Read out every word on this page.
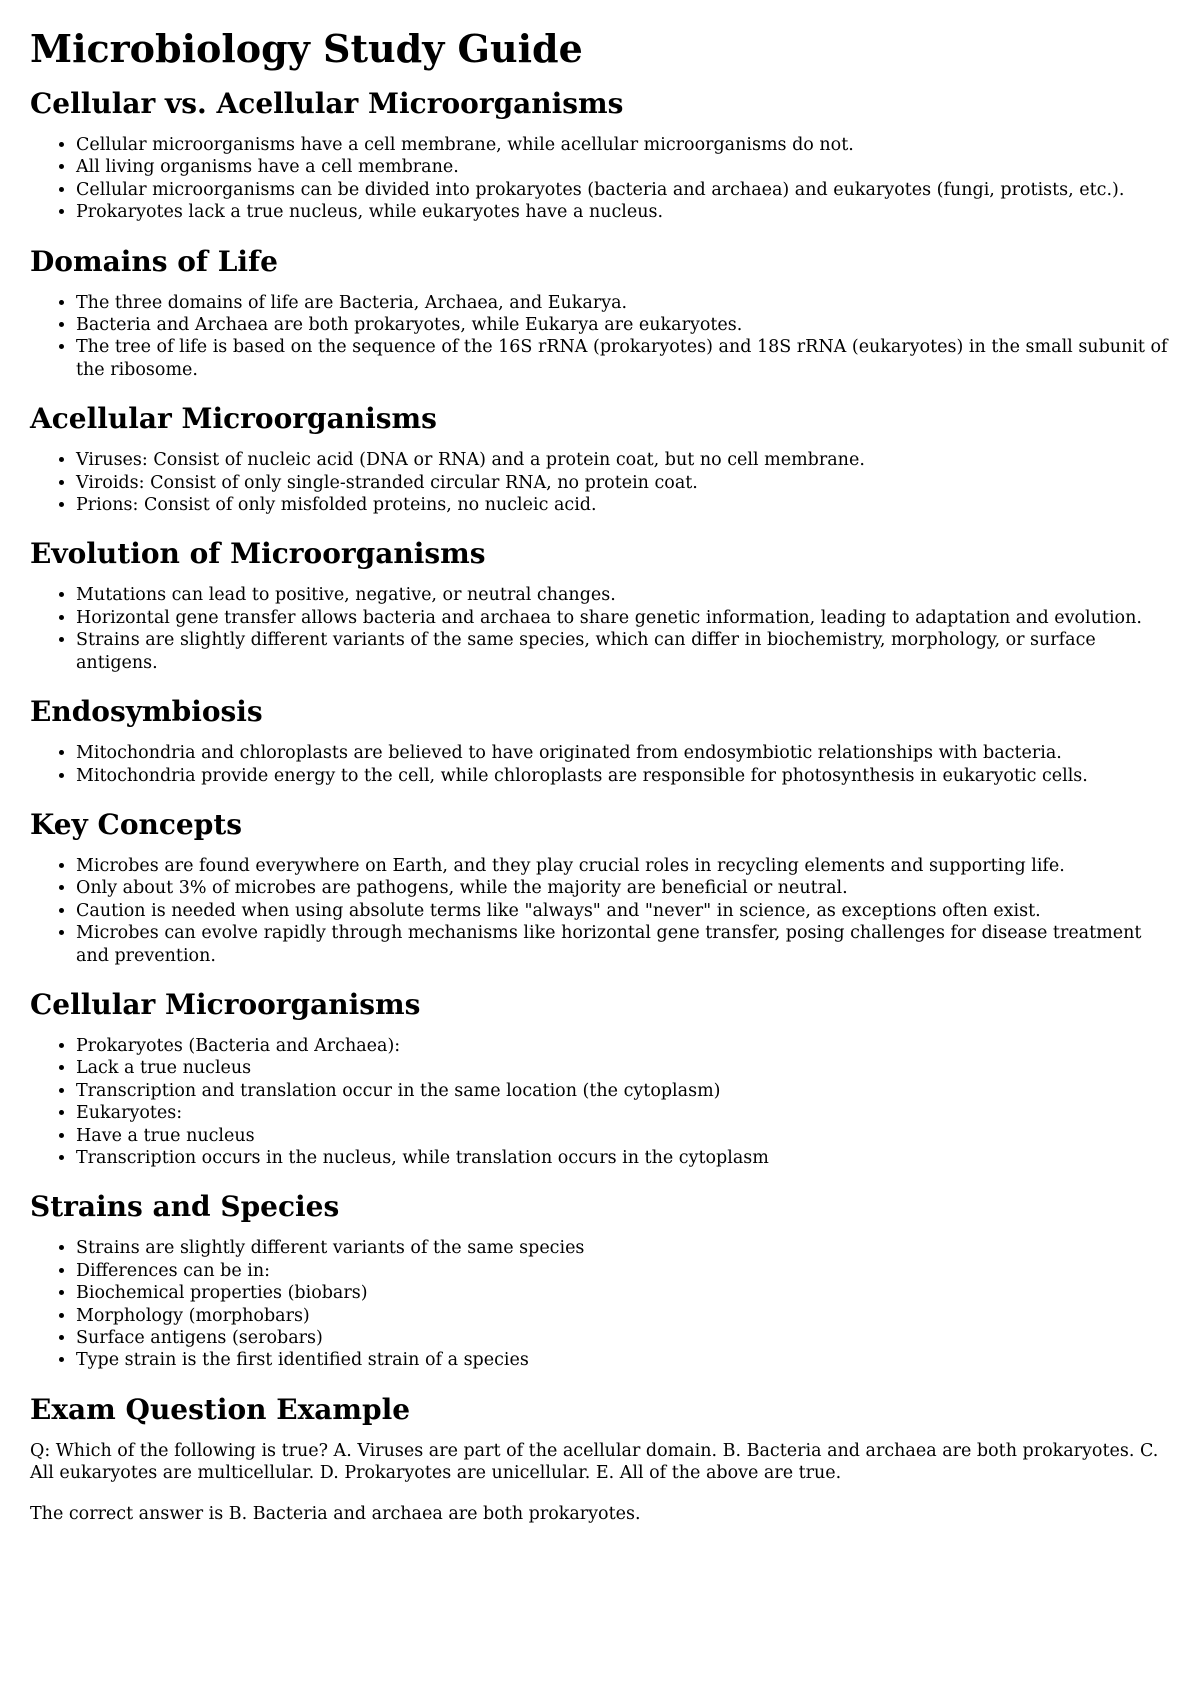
Microbiology Study Guide
Cellular vs. Acellular Microorganisms
• Cellular microorganisms have a cell membrane, while acellular microorganisms do not.
• All living organisms have a cell membrane.
• Cellular microorganisms can be divided into prokaryotes (bacteria and archaea) and eukaryotes (fungi, protists, etc.).
• Prokaryotes lack a true nucleus, while eukaryotes have a nucleus.
Domains of Life
• The three domains of life are Bacteria, Archaea, and Eukarya.
• Bacteria and Archaea are both prokaryotes, while Eukarya are eukaryotes.
• The tree of life is based on the sequence of the 16S rRNA (prokaryotes) and 18S rRNA (eukaryotes) in the small subunit of the ribosome.
Acellular Microorganisms
• Viruses: Consist of nucleic acid (DNA or RNA) and a protein coat, but no cell membrane.
• Viroids: Consist of only single-stranded circular RNA, no protein coat.
• Prions: Consist of only misfolded proteins, no nucleic acid.
Evolution of Microorganisms
• Mutations can lead to positive, negative, or neutral changes.
• Horizontal gene transfer allows bacteria and archaea to share genetic information, leading to adaptation and evolution.
• Strains are slightly different variants of the same species, which can differ in biochemistry, morphology, or surface antigens.
Endosymbiosis
• Mitochondria and chloroplasts are believed to have originated from endosymbiotic relationships with bacteria.
• Mitochondria provide energy to the cell, while chloroplasts are responsible for photosynthesis in eukaryotic cells.
Key Concepts
• Microbes are found everywhere on Earth, and they play crucial roles in recycling elements and supporting life.
• Only about 3% of microbes are pathogens, while the majority are beneficial or neutral.
• Caution is needed when using absolute terms like "always" and "never" in science, as exceptions often exist.
• Microbes can evolve rapidly through mechanisms like horizontal gene transfer, posing challenges for disease treatment and prevention.
Cellular Microorganisms
• Prokaryotes (Bacteria and Archaea):
• Lack a true nucleus
• Transcription and translation occur in the same location (the cytoplasm)
• Eukaryotes:
• Have a true nucleus
• Transcription occurs in the nucleus, while translation occurs in the cytoplasm
Strains and Species
• Strains are slightly different variants of the same species
• Differences can be in:
• Biochemical properties (biobars)
• Morphology (morphobars)
• Surface antigens (serobars)
• Type strain is the first identified strain of a species
Exam Question Example

Q: Which of the following is true? A. Viruses are part of the acellular domain. B. Bacteria and archaea are both prokaryotes. C. All eukaryotes are multicellular. D. Prokaryotes are unicellular. E. All of the above are true.

The correct answer is B. Bacteria and archaea are both prokaryotes.
